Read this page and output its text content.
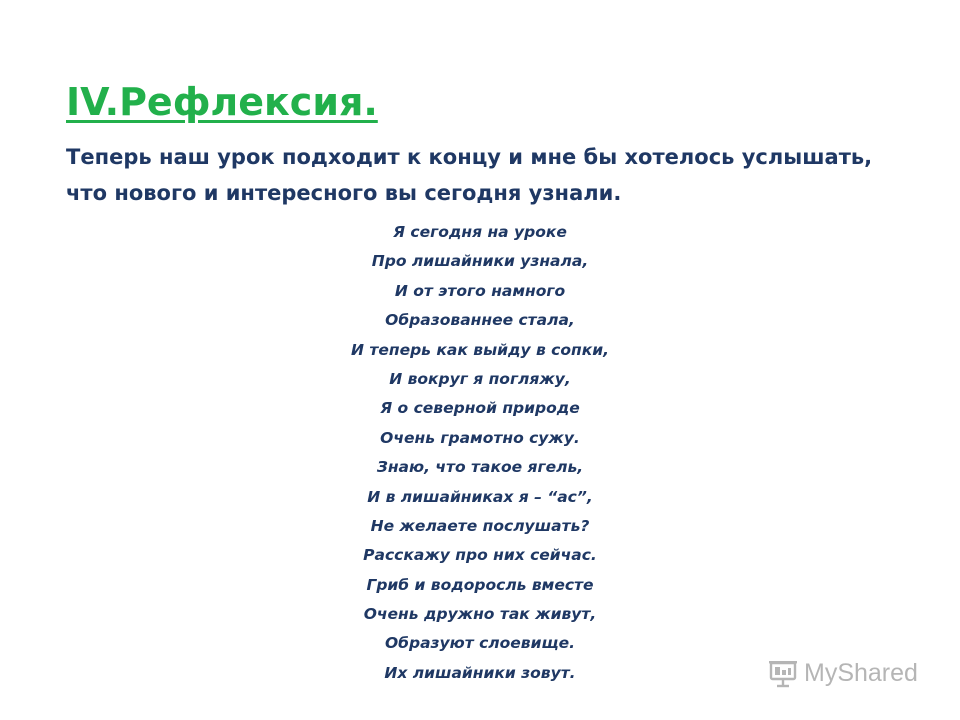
IV.Рефлексия.

Теперь наш урок подходит к концу и мне бы хотелось услышать, что нового и интересного вы сегодня узнали.

Я сегодня на уроке
Про лишайники узнала,
И от этого намного
Образованнее стала,
И теперь как выйду в сопки,
И вокруг я погляжу,
Я о северной природе
Очень грамотно сужу.
Знаю, что такое ягель,
И в лишайниках я – “ас”,
Не желаете послушать?
Расскажу про них сейчас.
Гриб и водоросль вместе
Очень дружно так живут,
Образуют слоевище.
Их лишайники зовут.	MyShared
